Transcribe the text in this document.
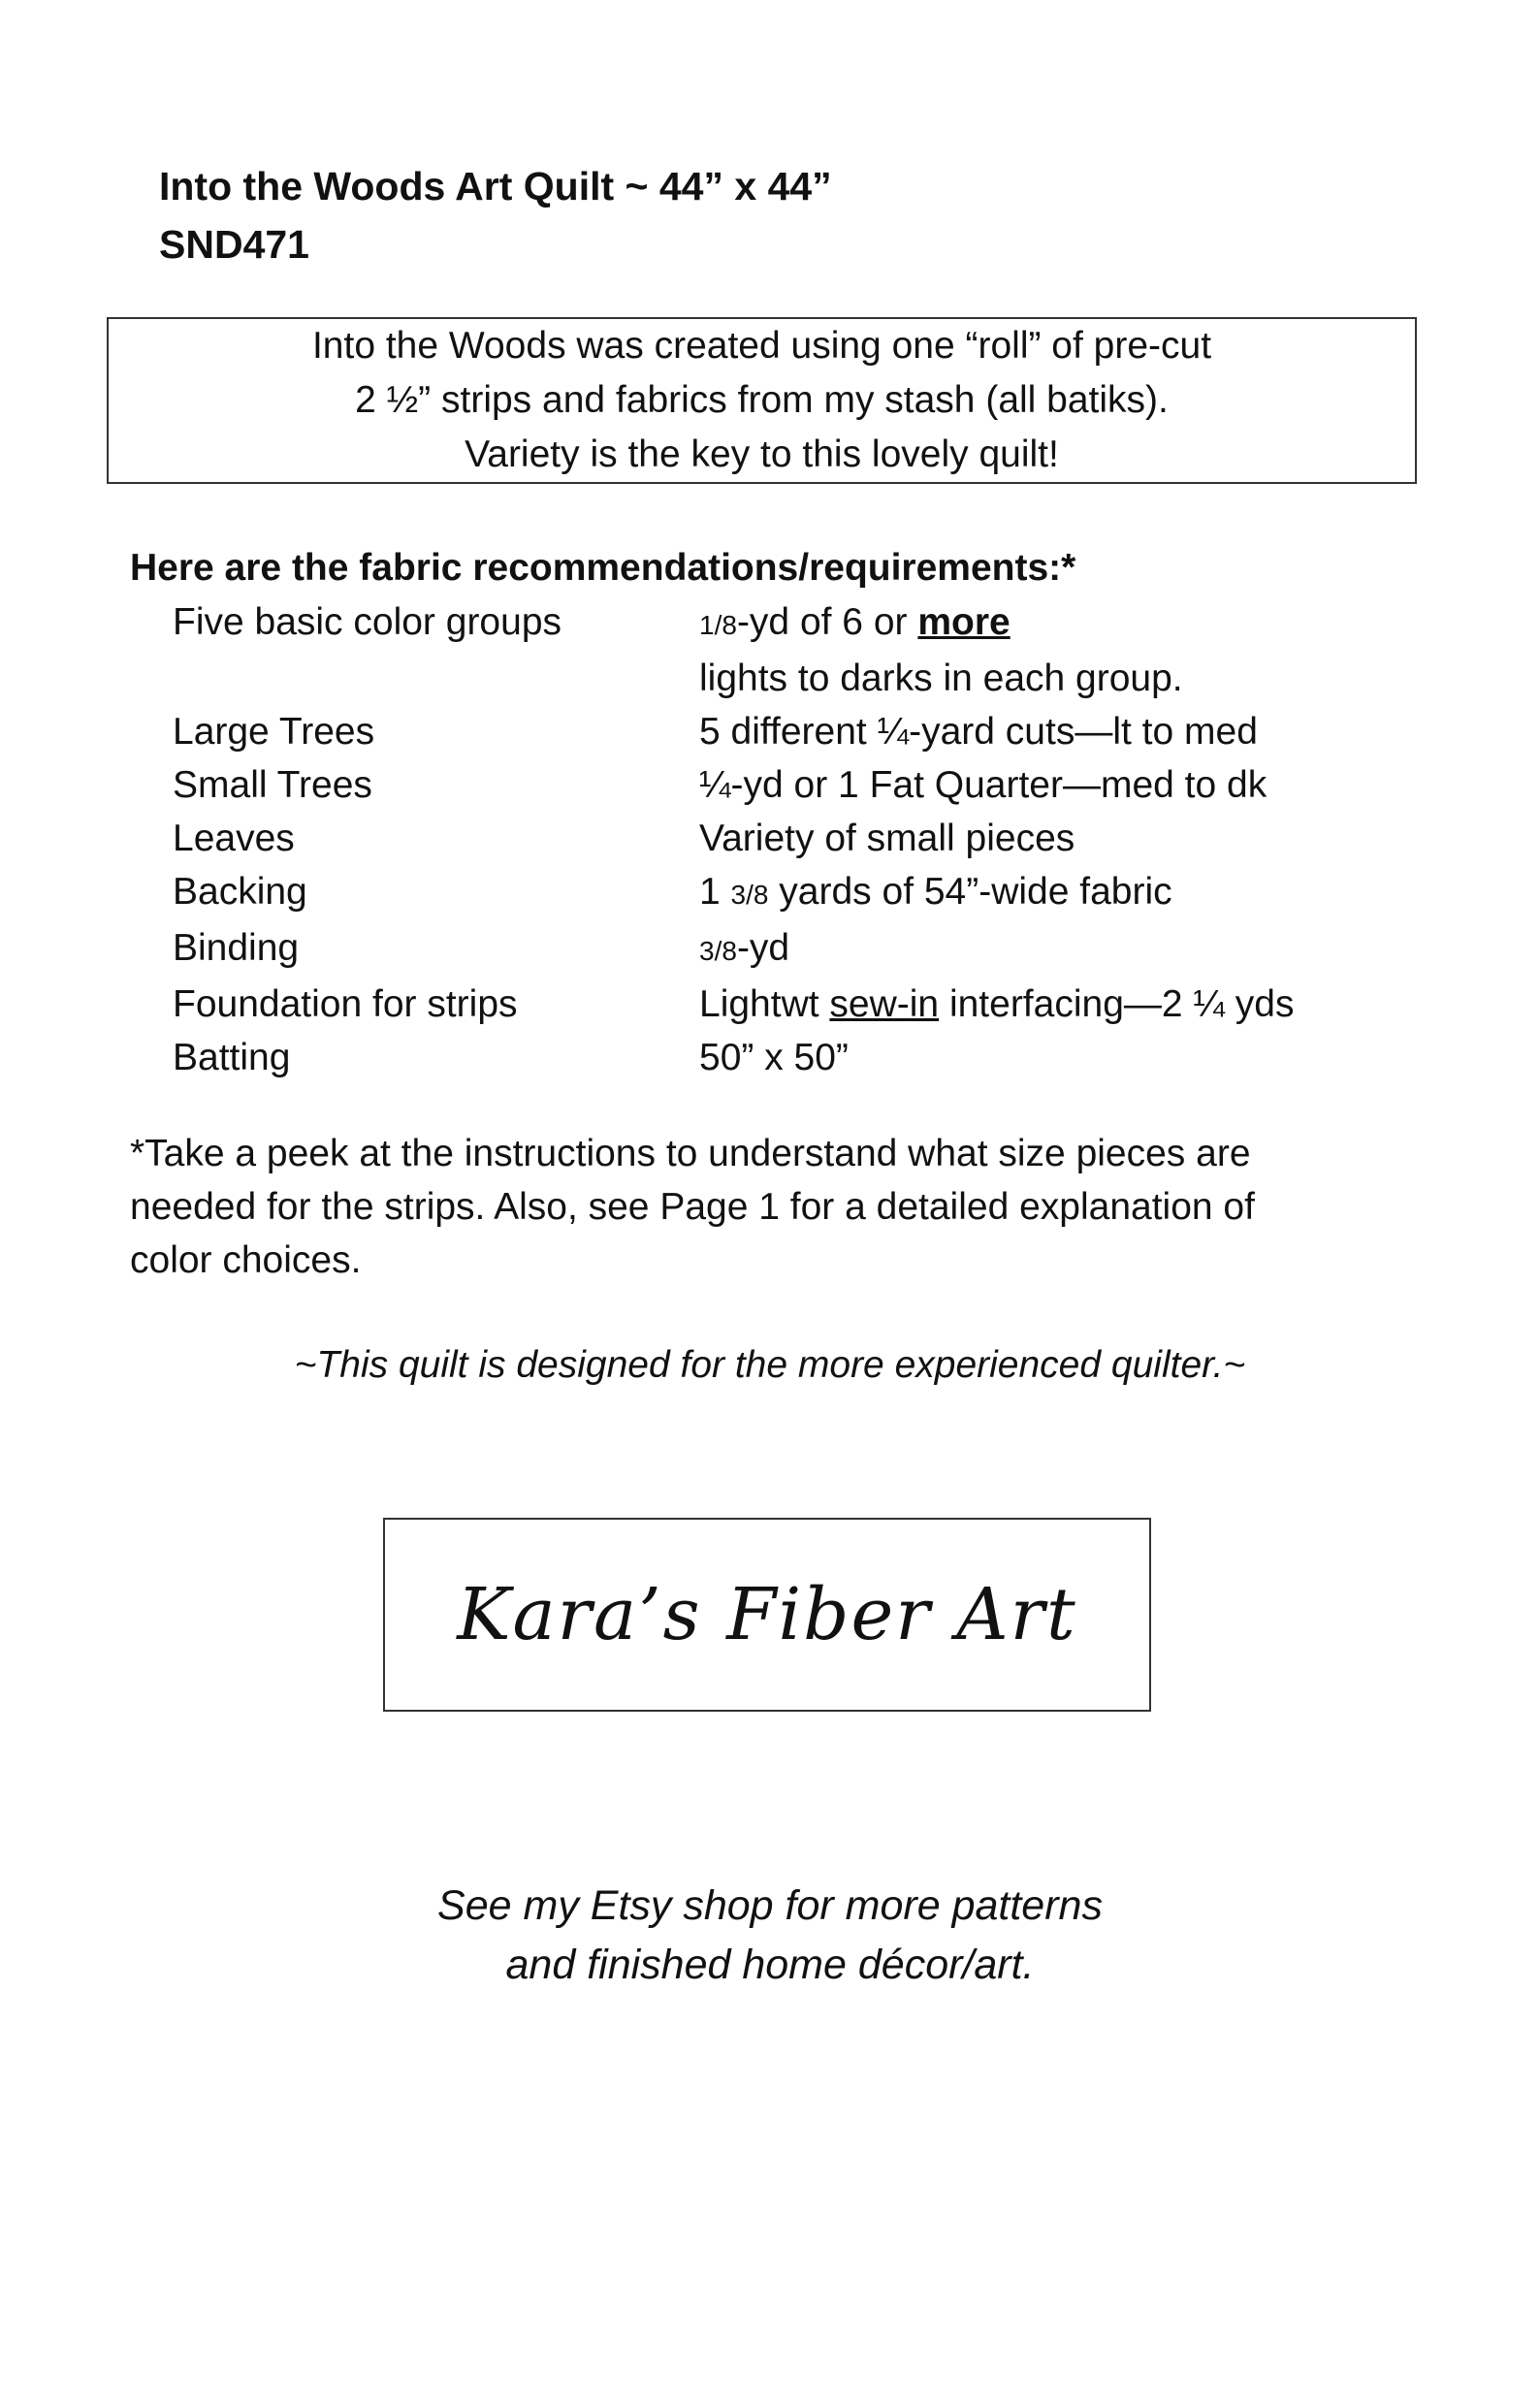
Into the Woods Art Quilt ~ 44” x 44”
SND471
Into the Woods was created using one “roll” of pre-cut
2 ½” strips and fabrics from my stash (all batiks).
Variety is the key to this lovely quilt!
Here are the fabric recommendations/requirements:*
Five basic color groups	1/8-yd of 6 or more
lights to darks in each group.
Large Trees	5 different ¼-yard cuts—lt to med
Small Trees	¼-yd or 1 Fat Quarter—med to dk
Leaves	Variety of small pieces
Backing	1 3/8 yards of 54”-wide fabric
Binding	3/8-yd
Foundation for strips	Lightwt sew-in interfacing—2 ¼ yds
Batting	50” x 50”
*Take a peek at the instructions to understand what size pieces are
needed for the strips. Also, see Page 1 for a detailed explanation of
color choices.
~This quilt is designed for the more experienced quilter.~
Kara’s Fiber Art
See my Etsy shop for more patterns
and finished home décor/art.
